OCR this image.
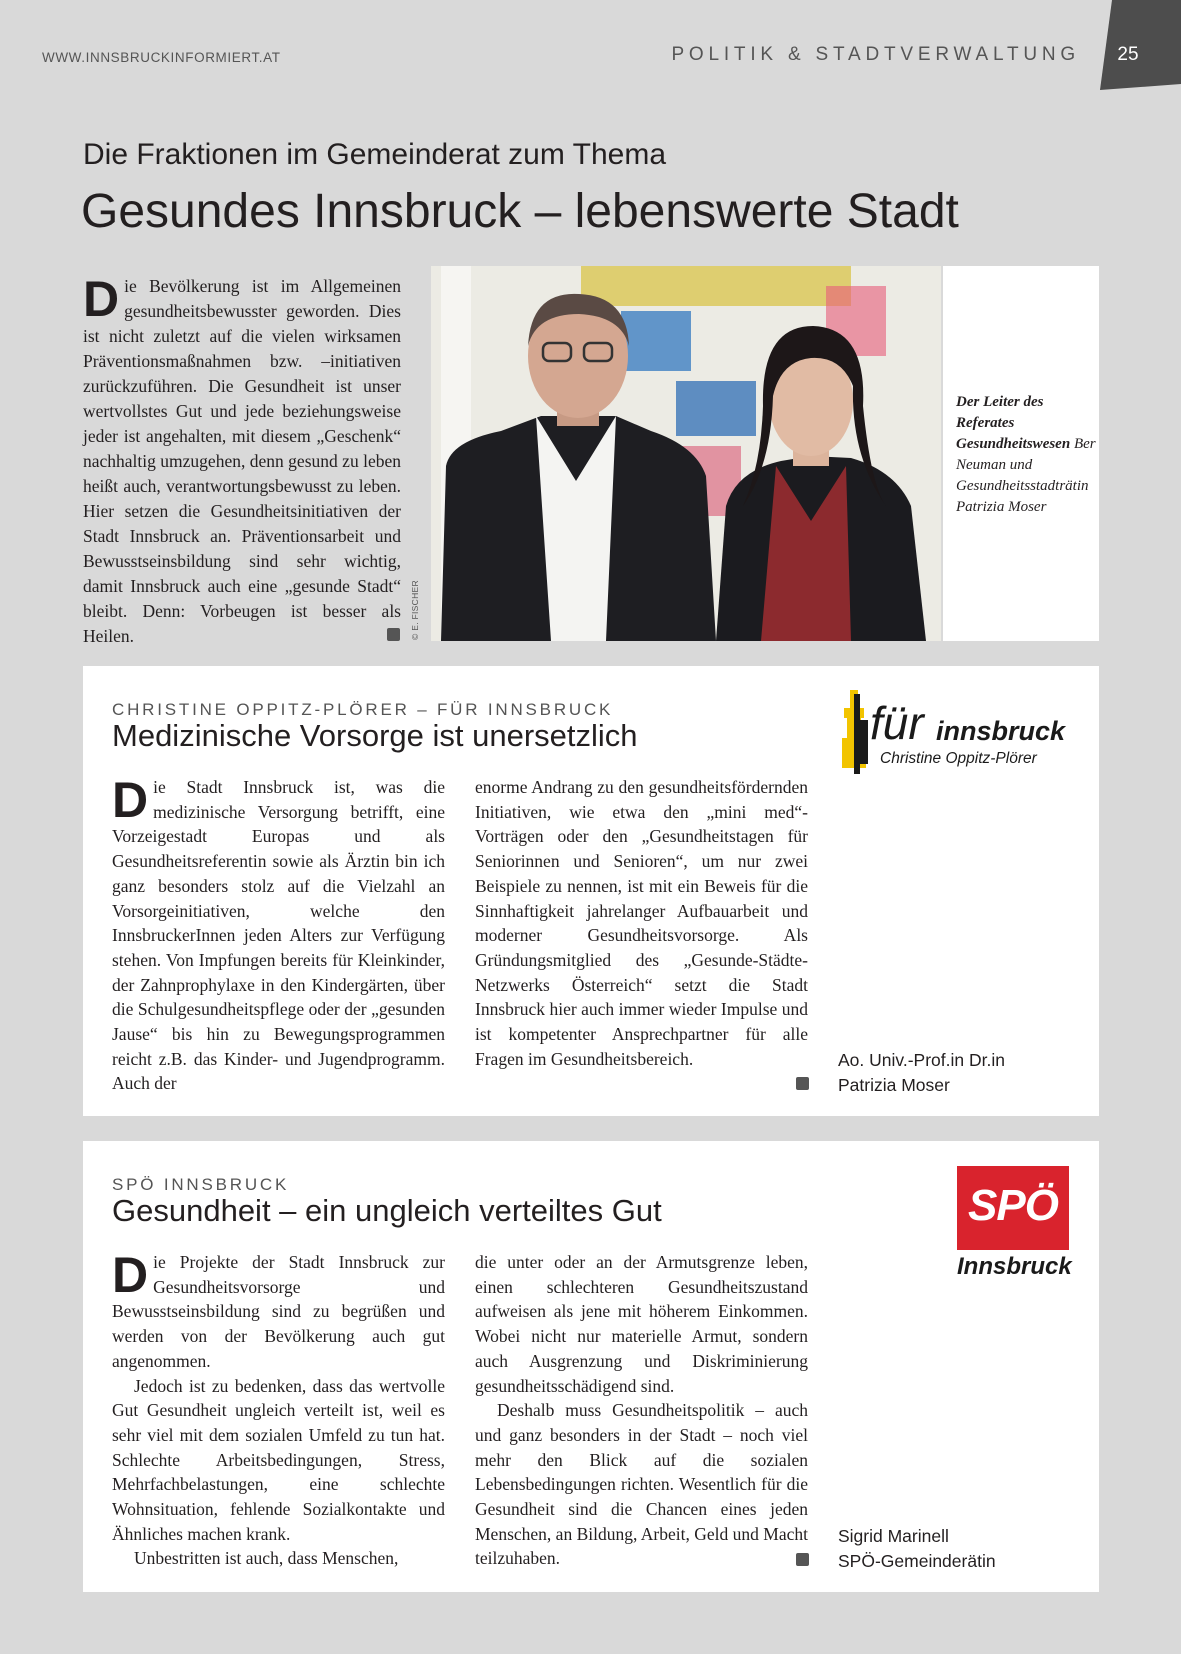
WWW.INNSBRUCKINFORMIERT.AT	POLITIK & STADTVERWALTUNG	25
Die Fraktionen im Gemeinderat zum Thema
Gesundes Innsbruck – lebenswerte Stadt
Die Bevölkerung ist im Allgemeinen gesundheitsbewusster geworden. Dies ist nicht zuletzt auf die vielen wirksamen Präventionsmaßnahmen bzw. –initiativen zurückzuführen. Die Gesundheit ist unser wertvollstes Gut und jede beziehungsweise jeder ist angehalten, mit diesem „Geschenk“ nachhaltig umzugehen, denn gesund zu leben heißt auch, verantwortungsbewusst zu leben. Hier setzen die Gesundheitsinitiativen der Stadt Innsbruck an. Präventionsarbeit und Bewusstseinsbildung sind sehr wichtig, damit Innsbruck auch eine „gesunde Stadt“ bleibt. Denn: Vorbeugen ist besser als Heilen.	© E. FISCHER
Der Leiter des Referates Gesundheitswesen Ber Neuman und Gesundheitsstadträtin Patrizia Moser
CHRISTINE OPPITZ-PLÖRER – FÜR INNSBRUCK
Medizinische Vorsorge ist unersetzlich
Die Stadt Innsbruck ist, was die medizinische Versorgung betrifft, eine Vorzeigestadt Europas und als Gesundheitsreferentin sowie als Ärztin bin ich ganz besonders stolz auf die Vielzahl an Vorsorgeinitiativen, welche den InnsbruckerInnen jeden Alters zur Verfügung stehen. Von Impfungen bereits für Kleinkinder, der Zahnprophylaxe in den Kindergärten, über die Schulgesundheitspflege oder der „gesunden Jause“ bis hin zu Bewegungsprogrammen reicht z.B. das Kinder- und Jugendprogramm. Auch der
enorme Andrang zu den gesundheitsfördernden Initiativen, wie etwa den „mini med“-Vorträgen oder den „Gesundheitstagen für Seniorinnen und Senioren“, um nur zwei Beispiele zu nennen, ist mit ein Beweis für die Sinnhaftigkeit jahrelanger Aufbauarbeit und moderner Gesundheitsvorsorge. Als Gründungsmitglied des „Gesunde-Städte-Netzwerks Österreich“ setzt die Stadt Innsbruck hier auch immer wieder Impulse und ist kompetenter Ansprechpartner für alle Fragen im Gesundheitsbereich.
für innsbruck
Christine Oppitz-Plörer
Ao. Univ.-Prof.in Dr.in
Patrizia Moser
SPÖ INNSBRUCK
Gesundheit – ein ungleich verteiltes Gut

Die Projekte der Stadt Innsbruck zur Gesundheitsvorsorge und Bewusstseinsbildung sind zu begrüßen und werden von der Bevölkerung auch gut angenommen.

Jedoch ist zu bedenken, dass das wertvolle Gut Gesundheit ungleich verteilt ist, weil es sehr viel mit dem sozialen Umfeld zu tun hat. Schlechte Arbeitsbedingungen, Stress, Mehrfachbelastungen, eine schlechte Wohnsituation, fehlende Sozialkontakte und Ähnliches machen krank.

Unbestritten ist auch, dass Menschen,

die unter oder an der Armutsgrenze leben, einen schlechteren Gesundheitszustand aufweisen als jene mit höherem Einkommen. Wobei nicht nur materielle Armut, sondern auch Ausgrenzung und Diskriminierung gesundheitsschädigend sind.

Deshalb muss Gesundheitspolitik – auch und ganz besonders in der Stadt – noch viel mehr den Blick auf die sozialen Lebensbedingungen richten. Wesentlich für die Gesundheit sind die Chancen eines jeden Menschen, an Bildung, Arbeit, Geld und Macht teilzuhaben.

SPÖ
Innsbruck
Sigrid Marinell
SPÖ-Gemeinderätin
